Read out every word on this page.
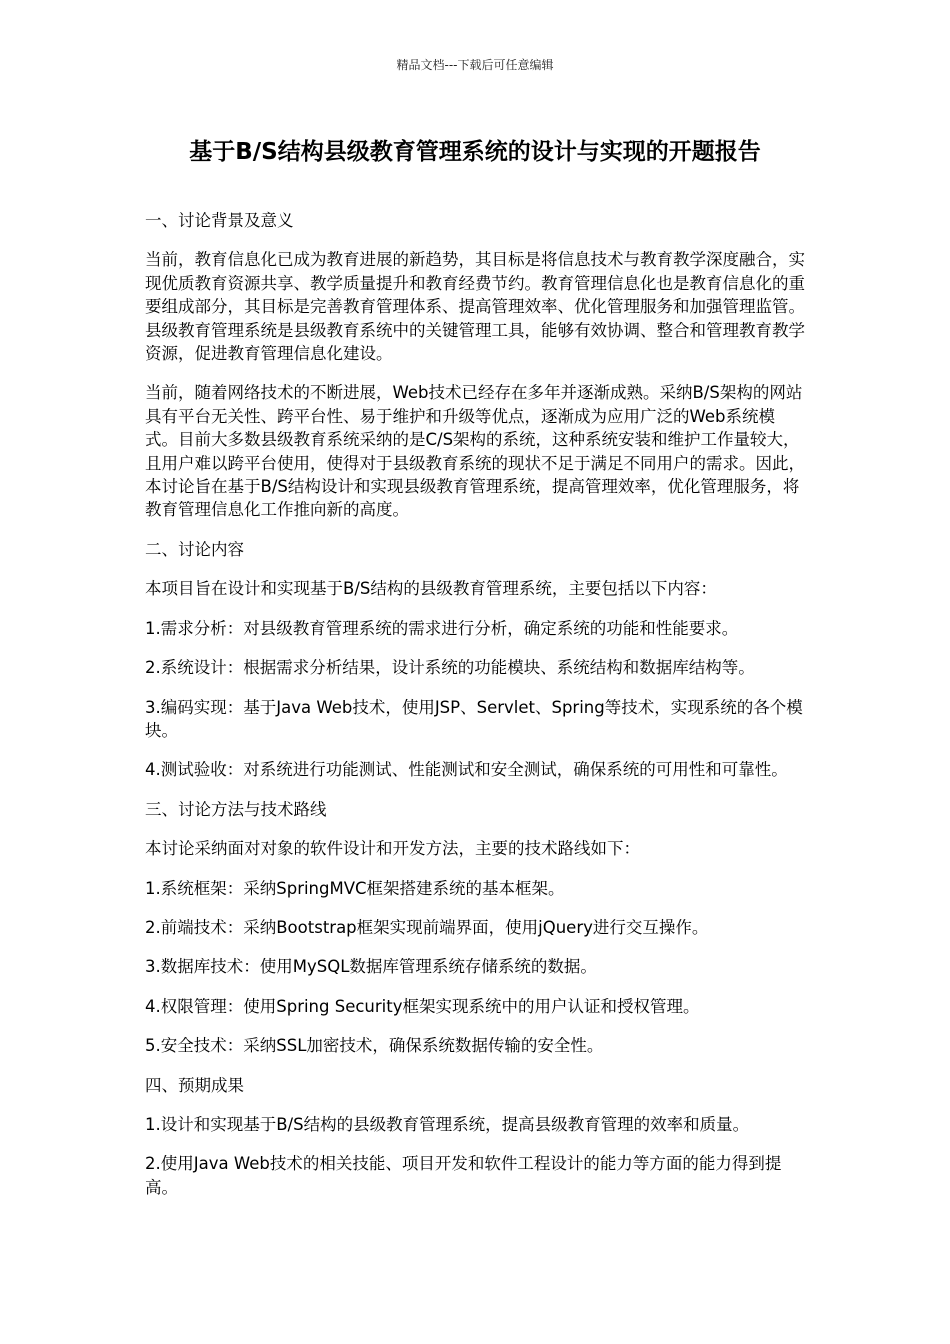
精品文档---下载后可任意编辑
基于B/S结构县级教育管理系统的设计与实现的开题报告

一、讨论背景及意义

当前，教育信息化已成为教育进展的新趋势，其目标是将信息技术与教育教学深度融合，实现优质教育资源共享、教学质量提升和教育经费节约。教育管理信息化也是教育信息化的重要组成部分，其目标是完善教育管理体系、提高管理效率、优化管理服务和加强管理监管。县级教育管理系统是县级教育系统中的关键管理工具，能够有效协调、整合和管理教育教学资源，促进教育管理信息化建设。

当前，随着网络技术的不断进展，Web技术已经存在多年并逐渐成熟。采纳B/S架构的网站具有平台无关性、跨平台性、易于维护和升级等优点，逐渐成为应用广泛的Web系统模式。目前大多数县级教育系统采纳的是C/S架构的系统，这种系统安装和维护工作量较大，且用户难以跨平台使用，使得对于县级教育系统的现状不足于满足不同用户的需求。因此，本讨论旨在基于B/S结构设计和实现县级教育管理系统，提高管理效率，优化管理服务，将教育管理信息化工作推向新的高度。

二、讨论内容

本项目旨在设计和实现基于B/S结构的县级教育管理系统，主要包括以下内容：

1.需求分析：对县级教育管理系统的需求进行分析，确定系统的功能和性能要求。

2.系统设计：根据需求分析结果，设计系统的功能模块、系统结构和数据库结构等。

3.编码实现：基于Java Web技术，使用JSP、Servlet、Spring等技术，实现系统的各个模块。

4.测试验收：对系统进行功能测试、性能测试和安全测试，确保系统的可用性和可靠性。

三、讨论方法与技术路线

本讨论采纳面对对象的软件设计和开发方法，主要的技术路线如下：

1.系统框架：采纳SpringMVC框架搭建系统的基本框架。

2.前端技术：采纳Bootstrap框架实现前端界面，使用jQuery进行交互操作。

3.数据库技术：使用MySQL数据库管理系统存储系统的数据。

4.权限管理：使用Spring Security框架实现系统中的用户认证和授权管理。

5.安全技术：采纳SSL加密技术，确保系统数据传输的安全性。

四、预期成果

1.设计和实现基于B/S结构的县级教育管理系统，提高县级教育管理的效率和质量。

2.使用Java Web技术的相关技能、项目开发和软件工程设计的能力等方面的能力得到提高。
